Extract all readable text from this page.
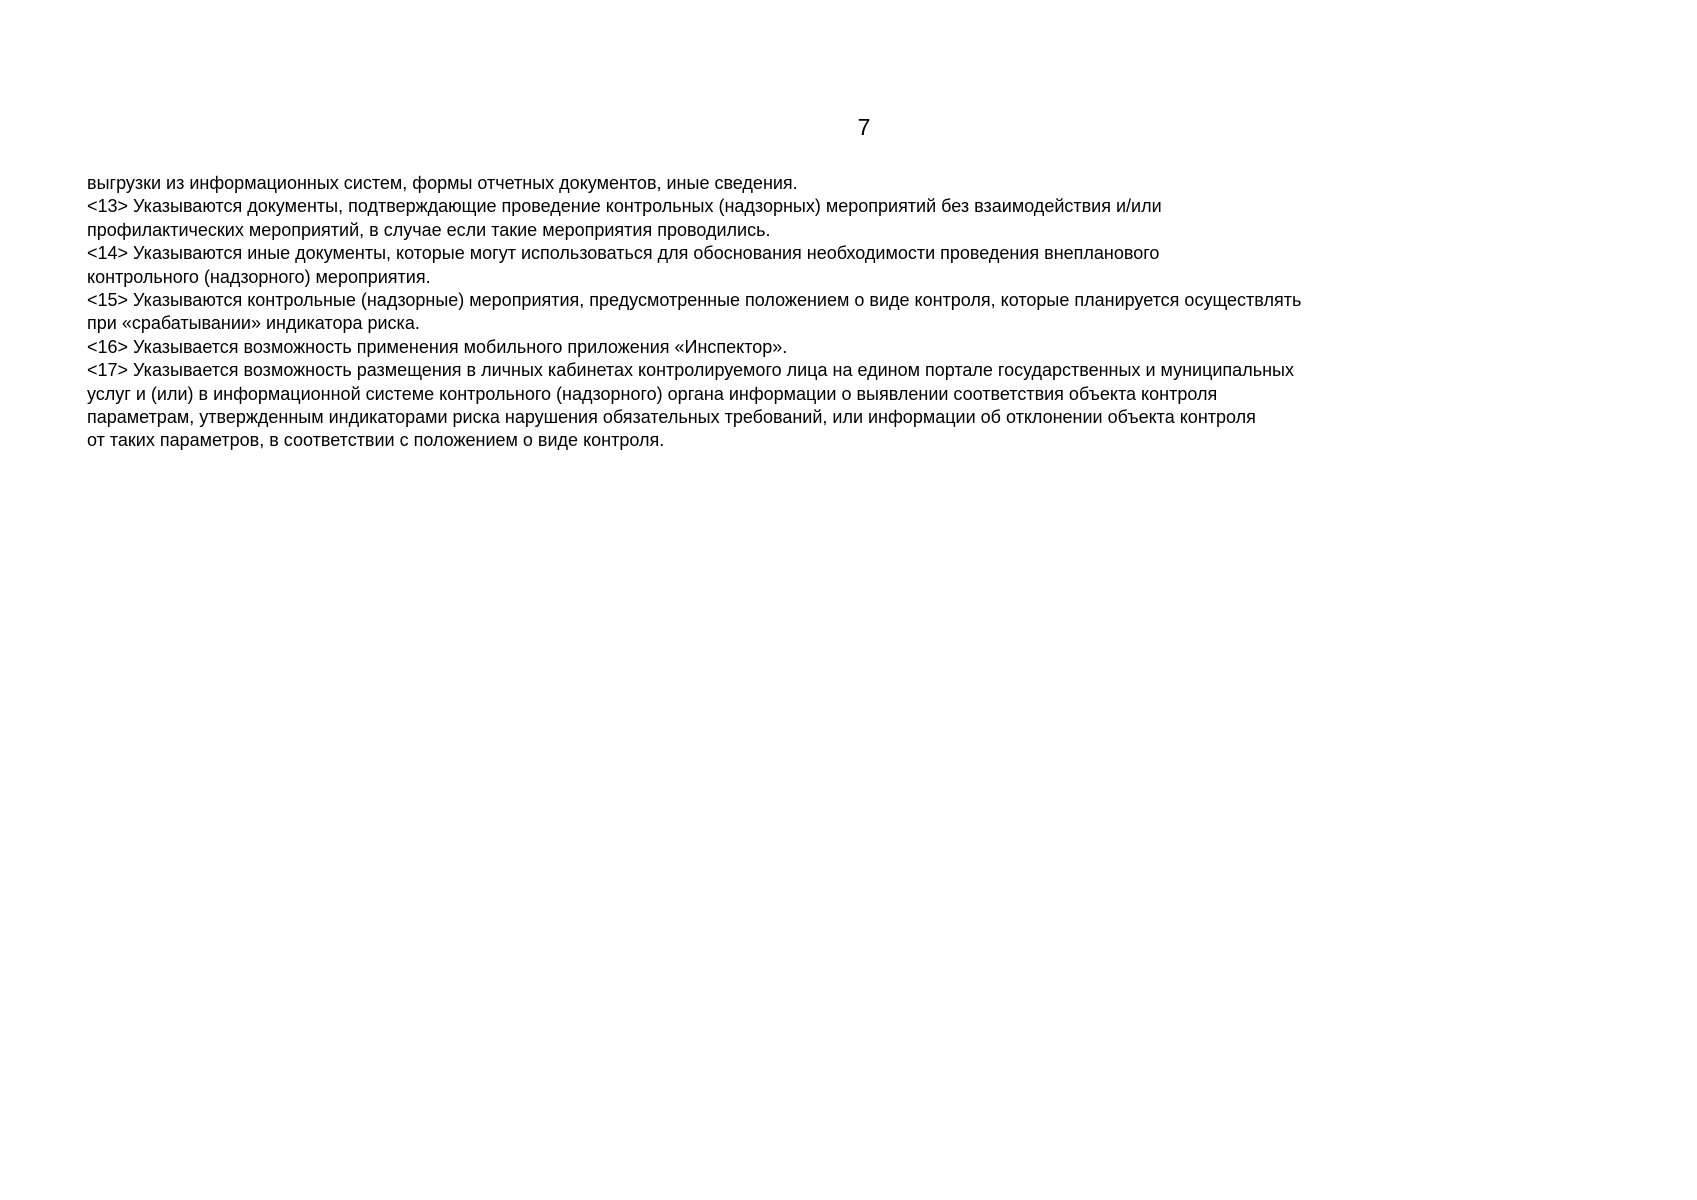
7
выгрузки из информационных систем, формы отчетных документов, иные сведения.
<13> Указываются документы, подтверждающие проведение контрольных (надзорных) мероприятий без взаимодействия и/или
профилактических мероприятий, в случае если такие мероприятия проводились.
<14> Указываются иные документы, которые могут использоваться для обоснования необходимости проведения внепланового
контрольного (надзорного) мероприятия.
<15> Указываются контрольные (надзорные) мероприятия, предусмотренные положением о виде контроля, которые планируется осуществлять
при «срабатывании» индикатора риска.
<16> Указывается возможность применения мобильного приложения «Инспектор».
<17> Указывается возможность размещения в личных кабинетах контролируемого лица на едином портале государственных и муниципальных
услуг и (или) в информационной системе контрольного (надзорного) органа информации о выявлении соответствия объекта контроля
параметрам, утвержденным индикаторами риска нарушения обязательных требований, или информации об отклонении объекта контроля
от таких параметров, в соответствии с положением о виде контроля.
